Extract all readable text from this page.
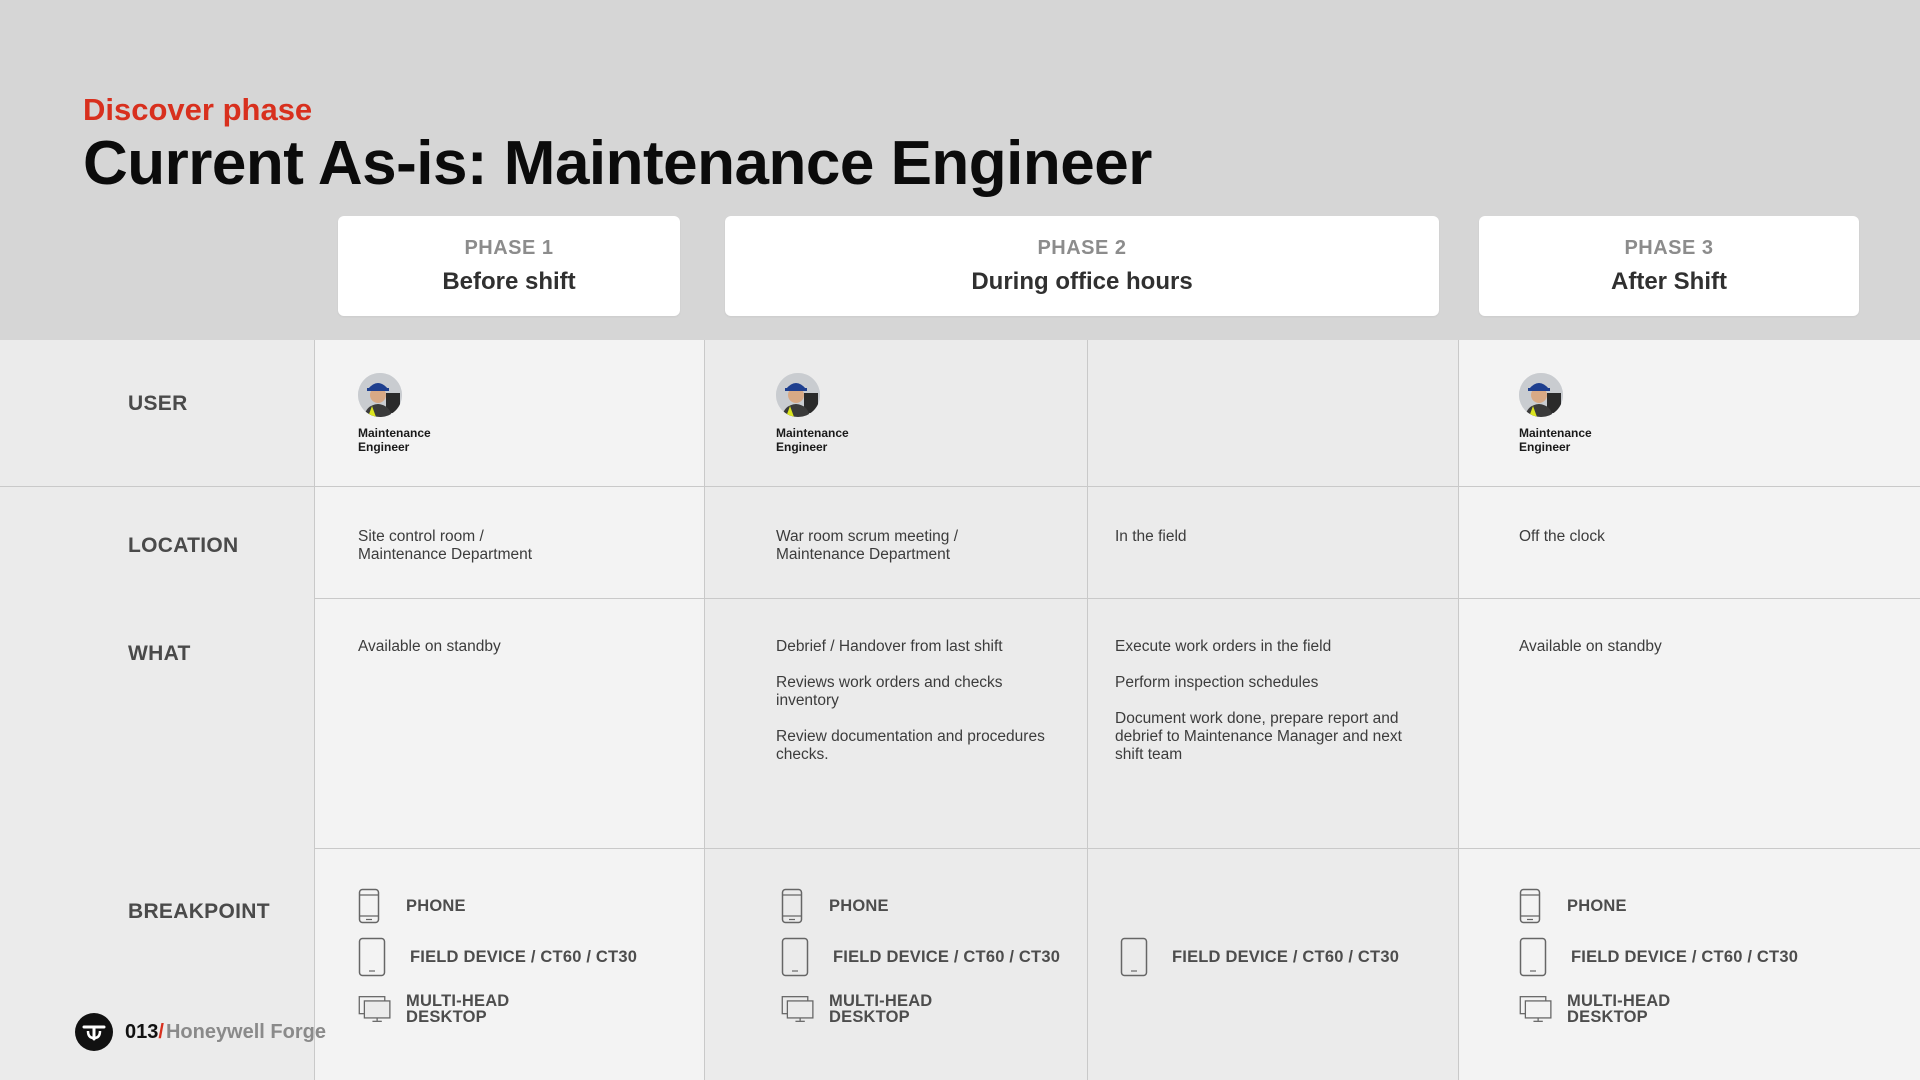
Discover phase
Current As-is: Maintenance Engineer
PHASE 1
Before shift
PHASE 2
During office hours
PHASE 3
After Shift
USER
LOCATION
WHAT
BREAKPOINT
Maintenance
Engineer
Maintenance
Engineer
Maintenance
Engineer
Site control room /
Maintenance Department
War room scrum meeting /
Maintenance Department
In the field	Off the clock
Available on standby	Debrief / Handover from last shift
Reviews work orders and checks inventory
Review documentation and procedures checks.
Execute work orders in the field
Perform inspection schedules
Document work done, prepare report and debrief to Maintenance Manager and next shift team
Available on standby
PHONE
FIELD DEVICE / CT60 / CT30
MULTI-HEAD
DESKTOP
PHONE
FIELD DEVICE / CT60 / CT30
MULTI-HEAD
DESKTOP
FIELD DEVICE / CT60 / CT30
PHONE
FIELD DEVICE / CT60 / CT30
MULTI-HEAD
DESKTOP
013 / Honeywell Forge
